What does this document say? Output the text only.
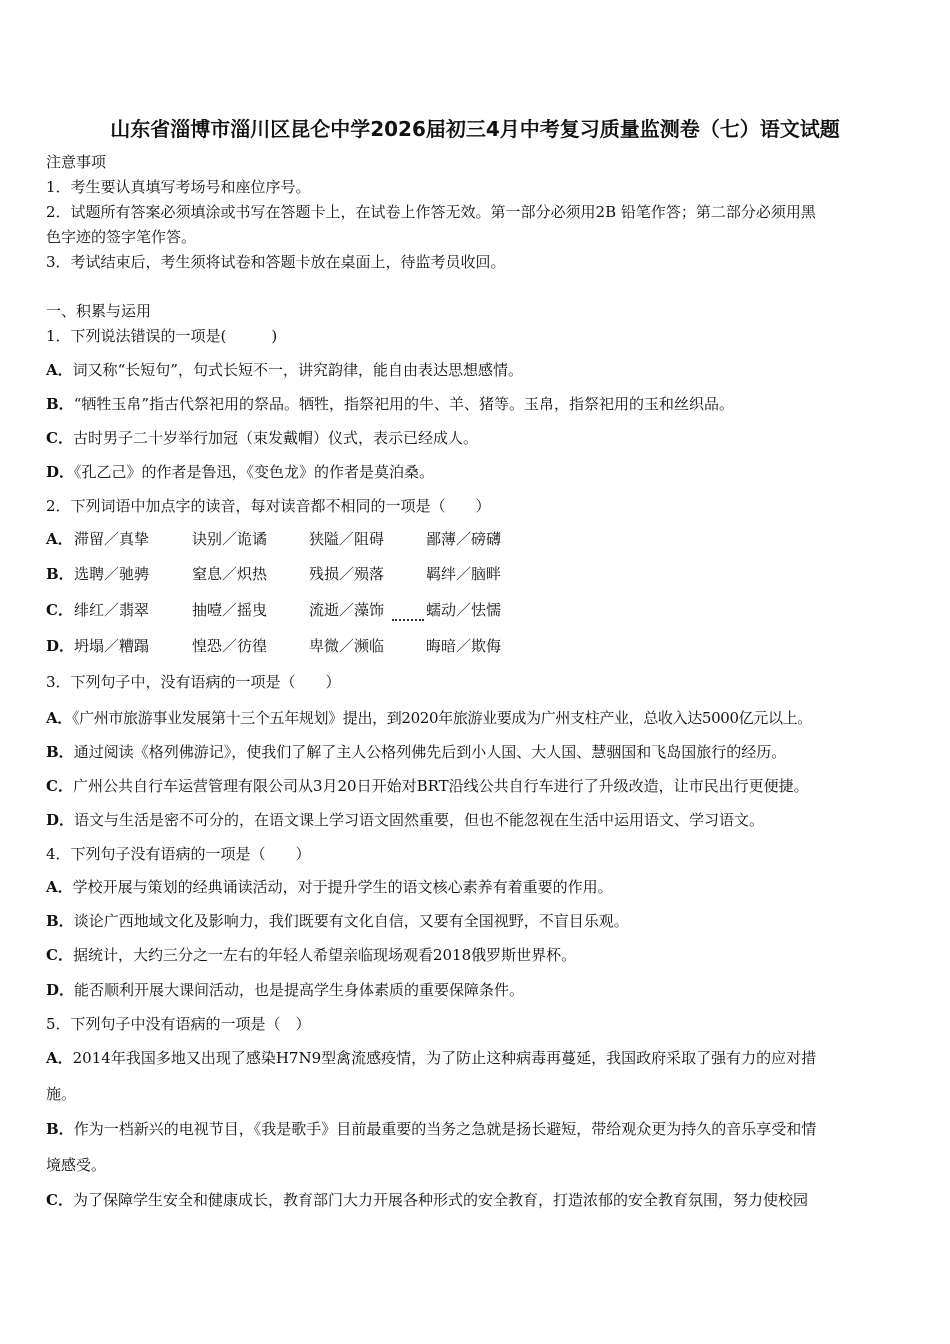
山东省淄博市淄川区昆仑中学2026届初三4月中考复习质量监测卷（七）语文试题
注意事项
1．考生要认真填写考场号和座位序号。
2．试题所有答案必须填涂或书写在答题卡上，在试卷上作答无效。第一部分必须用2B 铅笔作答；第二部分必须用黑
色字迹的签字笔作答。
3．考试结束后，考生须将试卷和答题卡放在桌面上，待监考员收回。
一、积累与运用
1．下列说法错误的一项是(　　　)
A．词又称“长短句”，句式长短不一，讲究韵律，能自由表达思想感情。
B．“牺牲玉帛”指古代祭祀用的祭品。牺牲，指祭祀用的牛、羊、猪等。玉帛，指祭祀用的玉和丝织品。
C．古时男子二十岁举行加冠（束发戴帽）仪式，表示已经成人。
D．《孔乙己》的作者是鲁迅，《变色龙》的作者是莫泊桑。
2．下列词语中加点字的读音，每对读音都不相同的一项是（　　）
A． 滞留／真挚	诀别／诡谲	狭隘／阻碍	鄙薄／磅礴
B． 选聘／驰骋	窒息／炽热	残损／殒落	羁绊／脑畔
C． 绯红／翡翠	抽噎／摇曳	流逝／藻饰	蠕动／怯懦
D． 坍塌／糟蹋	惶恐／彷徨	卑微／濒临	晦暗／欺侮
3．下列句子中，没有语病的一项是（　　）
A．《广州市旅游事业发展第十三个五年规划》提出，到2020年旅游业要成为广州支柱产业，总收入达5000亿元以上。
B．通过阅读《格列佛游记》，使我们了解了主人公格列佛先后到小人国、大人国、慧骃国和飞岛国旅行的经历。
C．广州公共自行车运营管理有限公司从3月20日开始对BRT沿线公共自行车进行了升级改造，让市民出行更便捷。
D．语文与生活是密不可分的，在语文课上学习语文固然重要，但也不能忽视在生活中运用语文、学习语文。
4．下列句子没有语病的一项是（　　）
A．学校开展与策划的经典诵读活动，对于提升学生的语文核心素养有着重要的作用。
B．谈论广西地域文化及影响力，我们既要有文化自信，又要有全国视野，不盲目乐观。
C．据统计，大约三分之一左右的年轻人希望亲临现场观看2018俄罗斯世界杯。
D．能否顺利开展大课间活动，也是提高学生身体素质的重要保障条件。
5．下列句子中没有语病的一项是（　）
A．2014年我国多地又出现了感染H7N9型禽流感疫情，为了防止这种病毒再蔓延，我国政府采取了强有力的应对措
施。
B．作为一档新兴的电视节目，《我是歌手》目前最重要的当务之急就是扬长避短，带给观众更为持久的音乐享受和情
境感受。
C．为了保障学生安全和健康成长，教育部门大力开展各种形式的安全教育，打造浓郁的安全教育氛围，努力使校园
